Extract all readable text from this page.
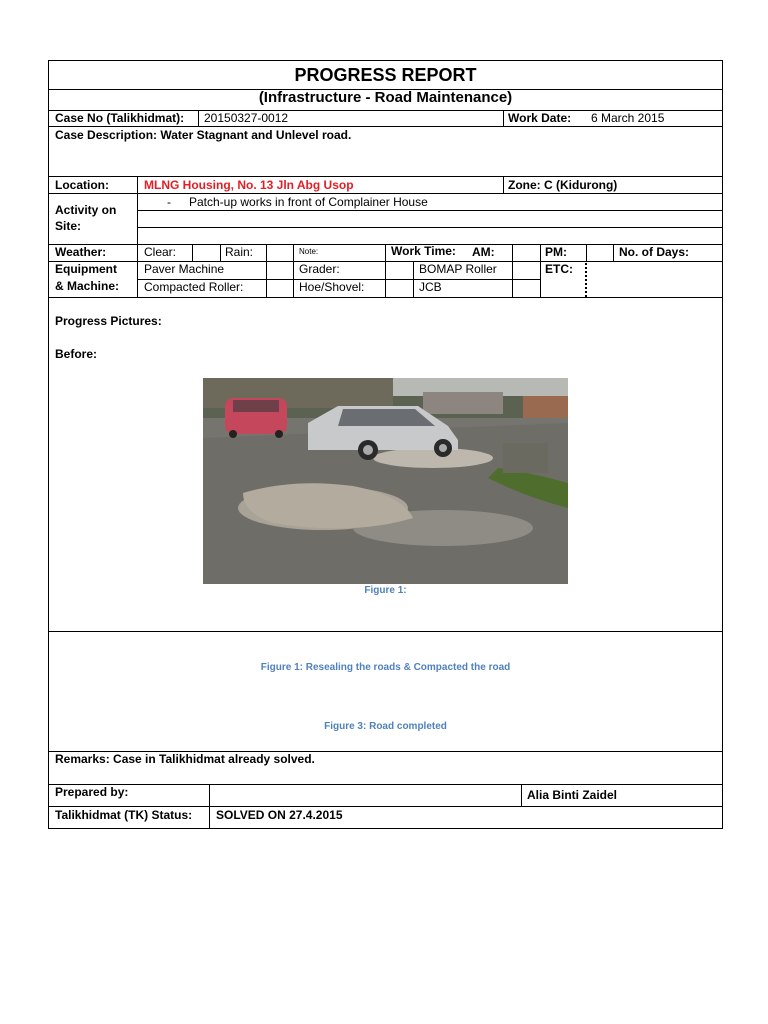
PROGRESS REPORT
(Infrastructure - Road Maintenance)
Case No (Talikhidmat): 20150327-0012	Work Date: 6 March 2015
Case Description: Water Stagnant and Unlevel road.
Location:	MLNG Housing, No. 13 Jln Abg Usop	Zone: C (Kidurong)
Activity on
Site:
- Patch-up works in front of Complainer House
Weather:	Clear:	Rain:	Note:	Work Time: AM:	PM:	No. of Days:
Equipment
& Machine:
Paver Machine	Grader:	BOMAP Roller	ETC:
Compacted Roller:	Hoe/Shovel:	JCB
Progress Pictures:
Before:
Figure 1:
Figure 1: Resealing the roads & Compacted the road
Figure 3: Road completed
Remarks: Case in Talikhidmat already solved.
Prepared by:	Alia Binti Zaidel
Talikhidmat (TK) Status: SOLVED ON 27.4.2015
